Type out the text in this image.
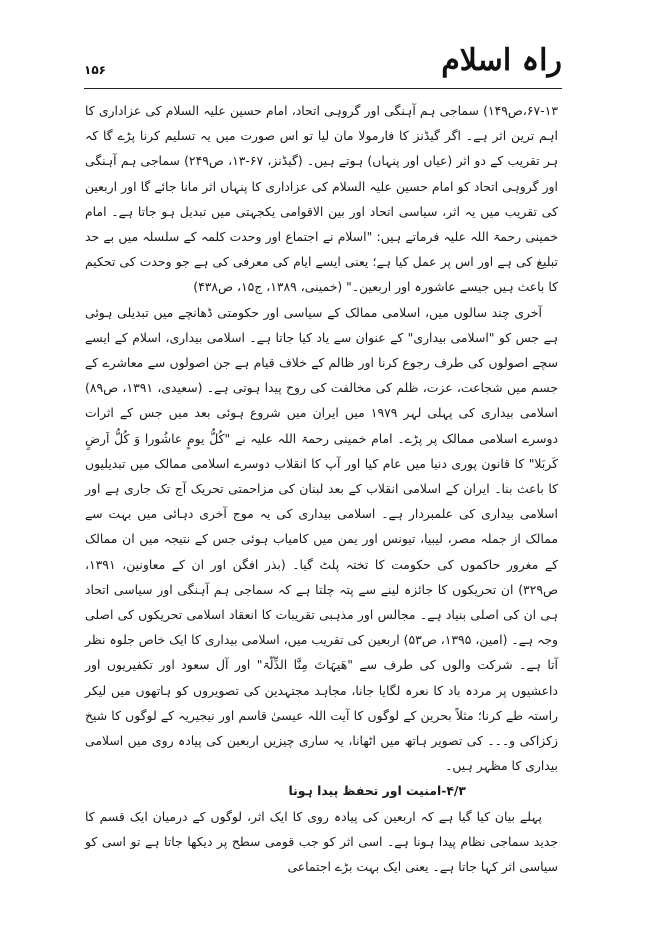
راہ اسلام
۱۵۶

۶۷-۱۳،ص۱۴۹) سماجی ہم آہنگی اور گروہی اتحاد، امام حسین علیہ السلام کی عزاداری کا اہم ترین اثر ہے۔ اگر گیڈنز کا فارمولا مان لیا تو اس صورت میں یہ تسلیم کرنا پڑے گا کہ ہر تقریب کے دو اثر (عیاں اور پنہاں) ہوتے ہیں۔ (گیڈنز، ۶۷-۱۳، ص۲۴۹) سماجی ہم آہنگی اور گروہی اتحاد کو امام حسین علیہ السلام کی عزاداری کا پنہاں اثر مانا جائے گا اور اربعین کی تقریب میں یہ اثر، سیاسی اتحاد اور بین الاقوامی یکجہتی میں تبدیل ہو جاتا ہے۔ امام خمینی رحمۃ اللہ علیہ فرماتے ہیں: "اسلام نے اجتماع اور وحدت کلمہ کے سلسلہ میں بے حد تبلیغ کی ہے اور اس پر عمل کیا ہے؛ یعنی ایسے ایام کی معرفی کی ہے جو وحدت کی تحکیم کا باعث ہیں جیسے عاشورہ اور اربعین۔" (خمینی، ۱۳۸۹، ج۱۵، ص۴۳۸)

آخری چند سالوں میں، اسلامی ممالک کے سیاسی اور حکومتی ڈھانچے میں تبدیلی ہوئی ہے جس کو "اسلامی بیداری" کے عنوان سے یاد کیا جاتا ہے۔ اسلامی بیداری، اسلام کے ایسے سچے اصولوں کی طرف رجوع کرنا اور ظالم کے خلاف قیام ہے جن اصولوں سے معاشرے کے جسم میں شجاعت، عزت، ظلم کی مخالفت کی روح پیدا ہوتی ہے۔ (سعیدی، ۱۳۹۱، ص۸۹) اسلامی بیداری کی پہلی لہر ۱۹۷۹ میں ایران میں شروع ہوئی بعد میں جس کے اثرات دوسرے اسلامی ممالک پر پڑے۔ امام خمینی رحمۃ اللہ علیہ نے "کُلُّ یومٍ عاشُورا وَ کُلُّ اَرضٍ کَربَلا" کا قانون پوری دنیا میں عام کیا اور آپ کا انقلاب دوسرے اسلامی ممالک میں تبدیلیوں کا باعث بنا۔ ایران کے اسلامی انقلاب کے بعد لبنان کی مزاحمتی تحریک آج تک جاری ہے اور اسلامی بیداری کی علمبردار ہے۔ اسلامی بیداری کی یہ موج آخری دہائی میں بہت سے ممالک از جملہ مصر، لیبیا، تیونس اور یمن میں کامیاب ہوئی جس کے نتیجہ میں ان ممالک کے مغرور حاکموں کی حکومت کا تختہ پلٹ گیا۔ (بذر افگن اور ان کے معاونین، ۱۳۹۱، ص۳۲۹) ان تحریکوں کا جائزہ لینے سے پتہ چلتا ہے کہ سماجی ہم آہنگی اور سیاسی اتحاد ہی ان کی اصلی بنیاد ہے۔ مجالس اور مذہبی تقریبات کا انعقاد اسلامی تحریکوں کی اصلی وجہ ہے۔ (امین، ۱۳۹۵، ص۵۳) اربعین کی تقریب میں، اسلامی بیداری کا ایک خاص جلوہ نظر آتا ہے۔ شرکت والوں کی طرف سے "ھَیہَاتَ مِنَّا الذِّلّۃ" اور آل سعود اور تکفیریوں اور داعشیوں پر مردہ باد کا نعرہ لگایا جانا، مجاہد مجتہدین کی تصویروں کو ہاتھوں میں لیکر راستہ طے کرنا؛ مثلاً بحرین کے لوگوں کا آیت اللہ عیسیٰ قاسم اور نیجیریہ کے لوگوں کا شیخ زکزاکی و۔۔۔ کی تصویر ہاتھ میں اٹھانا، یہ ساری چیزیں اربعین کی پیادہ روی میں اسلامی بیداری کا مظہر ہیں۔

۴/۳-امنیت اور تحفظ پیدا ہونا

پہلے بیان کیا گیا ہے کہ اربعین کی پیادہ روی کا ایک اثر، لوگوں کے درمیان ایک قسم کا جدید سماجی نظام پیدا ہونا ہے۔ اسی اثر کو جب قومی سطح پر دیکھا جاتا ہے تو اسی کو سیاسی اثر کہا جاتا ہے۔ یعنی ایک بہت بڑے اجتماعی
